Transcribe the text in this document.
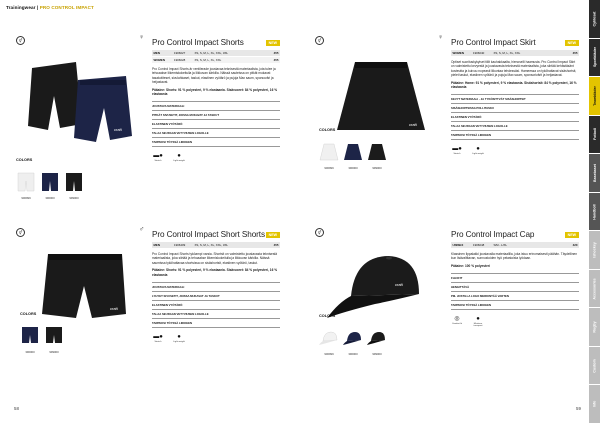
Trainingwear | PRO CONTROL IMPACT
Cyklosat
Sportkläder
Teamkläder
Fotboll
Basebaset
Handboll
Ishockey
Accessories
Rugby
Custom
Info
⚥	♀
craft
COLORS
900999	390000	999000
Pro Control Impact Shorts	NEW
MEN	1906027	XS, S, M, L, XL, XXL, 3XL	455
WOMEN	1906028	XS, S, M, L, XL, XXL	455
Pro Control Impact Shorts är ventilerade joustavaa teknisestä materiaalista, jota tulee ja tehoaakse liikemiskokeitulla ja liikkuvan kärkilla. Näissä sauteissa on pitkät mukavat tasakotiteset, sivulahkaset, taskut, elastinen vyötärö ja pujuja Max saum, sporsoväri ja heijastavat.
Pääaine: Shorts: 91 % polyesteri, 9 % elastaania. Sisävuoret: 84 % polyesteri, 16 % elastaania
JOUSTAVA MATERIAALI
PITKÄT SIVUSETIT, JOISSA MUKAVAT JA TASKUT
ELASTINEN VYÖTÄRÖ
TALAA SEURAAN VETYVIUSEN LOGOLLE
TARPEKSI TÖYSSÄ LIIKKEEN
▬●
Stretch
●
Light weight
⚥	♀
craft
COLORS
900999	390000	999000
Pro Control Impact Skirt	NEW
WOMEN	1906040	XS, S, M, L, XL, XXL	455
Optiset suorituskykyiset tiilit kauhakkaalta, hienoselli haamusta. Pro Control Impact Skirt on valmistettu kevyestä ja joustavasta teknisestä materiaalista, joka siirtää kehästäsänt kosteutta ja kuivuu nopeasti liikuntaa tehdessäsi. Hameessa on tyköhattavat sisäshortsit, pielet taskut, elastinen vyötärö ja pujuja Max saum, sponsorivärit ja heijastavat.
Pääaine: Hame: 91 % polyesteri, 9 % elastaania. Sisäshortsit: 84 % polyesteri, 16 % elastaania
KEVYT MATERIAALI - JA TYKÖSITTVÄT SISÄSHORTSIT
SISÄSHORTSISSA POLLITASKU
ELASTINEN VYÖTÄRÖ
TALAA SEURAAN VETYVIUSEN LOGOLLE
TARPEKSI TÖYSSÄ LIIKKEEN
▬●
Stretch
●
Light weight
⚥	♂
craft
COLORS
390000	999000
Pro Control Impact Short Shorts	NEW
MEN	1906409	XS, S, M, L, XL, XXL, 3XL	455
Pro Control Impact Shorts tyköampi varsia. Shortsit on valmistettu joustavasta teknisestä materiaalista, joka siirtää ja tehoaakse liikemiskokeitulla ja liikkuvan kärkilla. Näissä saumissa tyköhattavaa shortsissa on sisäshortsit, elastinen vyötärö, taskut.
Pääaine: Shorts: 91 % polyesteri, 9 % elastaania. Sisävuoret: 84 % polyesteri, 16 % elastaania
JOUSTAVA MATERIAALI
LYHYET SIVUSETIT, JOISSA MUKAVAT JA TASKUT
ELASTINEN VYÖTÄRÖ
TALAA SEURAAN VETYVIUSEN LOGOLLE
TARPEKSI TÖYSSÄ LIIKKEEN
▬●
Stretch
●
Light weight
⚥
craft
COLORS
900999	390000	999000
Pro Control Impact Cap	NEW
UNISEX	1906048	S/M - L/XL	420
Klassinen lippalakki joustavalla materiaalilla, joka istuu erinomaisesti päähän. Täydellinen kun lisävalittavan, sunnustoiden hyö pelastoista lyödaan.
Pääaine: 100 % polyesteri
FLEXFIT
HENGITTÄVÄ
PIIL JOSTILLA LOGO MERKINTÄÄ VARTEN
TARPEKSI TÖYSSÄ LIIKKEEN
◎
Comfort fit
●
Moisture transport
58	59
